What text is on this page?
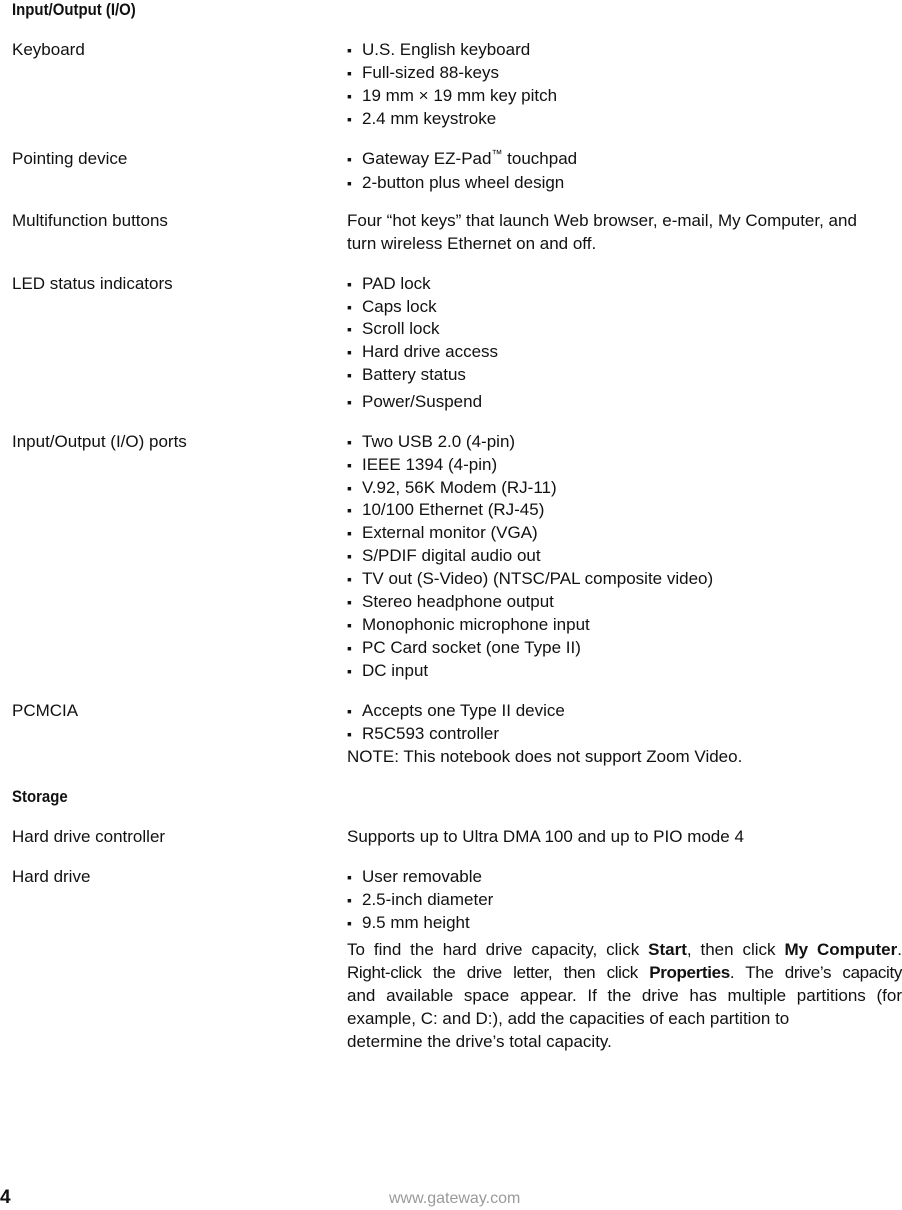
Input/Output (I/O)
Keyboard	▪ U.S. English keyboard
▪ Full-sized 88-keys
▪ 19 mm × 19 mm key pitch
▪ 2.4 mm keystroke
Pointing device	▪ Gateway EZ-Pad™ touchpad
▪ 2-button plus wheel design
Multifunction buttons	Four “hot keys” that launch Web browser, e-mail, My Computer, and
turn wireless Ethernet on and off.
LED status indicators	▪ PAD lock
▪ Caps lock
▪ Scroll lock
▪ Hard drive access
▪ Battery status
▪ Power/Suspend
Input/Output (I/O) ports	▪ Two USB 2.0 (4-pin)
▪ IEEE 1394 (4-pin)
▪ V.92, 56K Modem (RJ-11)
▪ 10/100 Ethernet (RJ-45)
▪ External monitor (VGA)
▪ S/PDIF digital audio out
▪ TV out (S-Video) (NTSC/PAL composite video)
▪ Stereo headphone output
▪ Monophonic microphone input
▪ PC Card socket (one Type II)
▪ DC input
PCMCIA	▪ Accepts one Type II device
▪ R5C593 controller
NOTE: This notebook does not support Zoom Video.
Storage
Hard drive controller	Supports up to Ultra DMA 100 and up to PIO mode 4
Hard drive	▪ User removable
▪ 2.5-inch diameter
▪ 9.5 mm height
To find the hard drive capacity, click Start, then click My Computer.
Right-click the drive letter, then click Properties. The drive’s capacity
and available space appear. If the drive has multiple partitions (for
example, C: and D:), add the capacities of each partition to
determine the drive’s total capacity.
4	www.gateway.com
